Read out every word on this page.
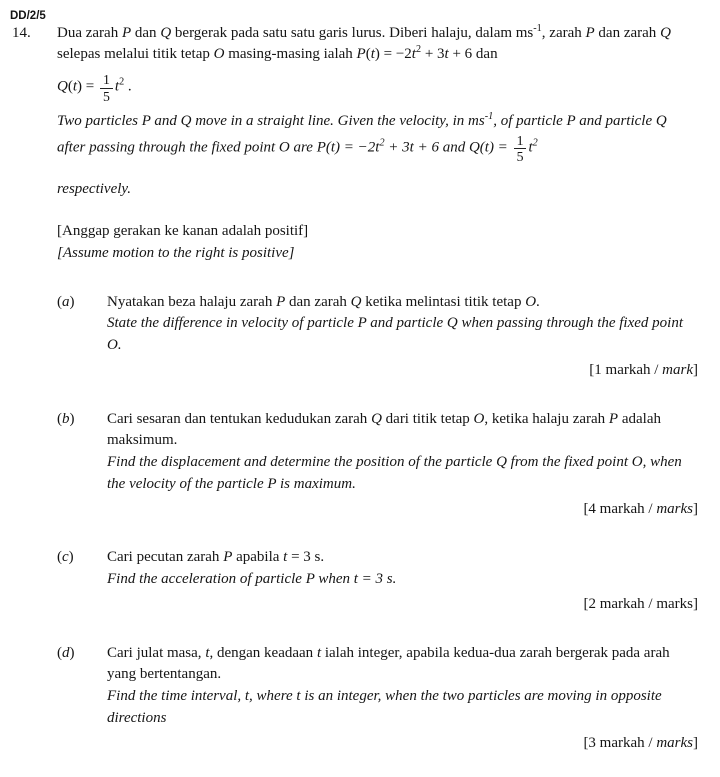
DD/2/5
14.	Dua zarah P dan Q bergerak pada satu satu garis lurus. Diberi halaju, dalam $ms^{-1}$, zarah P dan zarah Q selepas melalui titik tetap O masing-masing ialah $P(t) = -2t^2 + 3t + 6$ dan

$Q(t) = \frac{1}{5} t^2$ .

Two particles P and Q move in a straight line. Given the velocity, in $ms^{-1}$, of particle P and particle Q after passing through the fixed point O are $P(t) = -2t^2 + 3t + 6$ and $Q(t) = \frac{1}{5} t^2$

respectively.

[Anggap gerakan ke kanan adalah positif]

[Assume motion to the right is positive]

(a)	Nyatakan beza halaju zarah P dan zarah Q ketika melintasi titik tetap O.

State the difference in velocity of particle P and particle Q when passing through the fixed point O.

[1 markah / mark]
(b)	Cari sesaran dan tentukan kedudukan zarah Q dari titik tetap O, ketika halaju zarah P adalah maksimum.

Find the displacement and determine the position of the particle Q from the fixed point O, when the velocity of the particle P is maximum.

[4 markah / marks]
(c)	Cari pecutan zarah P apabila t = 3 s.

Find the acceleration of particle P when t = 3 s.

[2 markah / marks]
(d)	Cari julat masa, t, dengan keadaan t ialah integer, apabila kedua-dua zarah bergerak pada arah yang bertentangan.

Find the time interval, t, where t is an integer, when the two particles are moving in opposite directions

[3 markah / marks]
